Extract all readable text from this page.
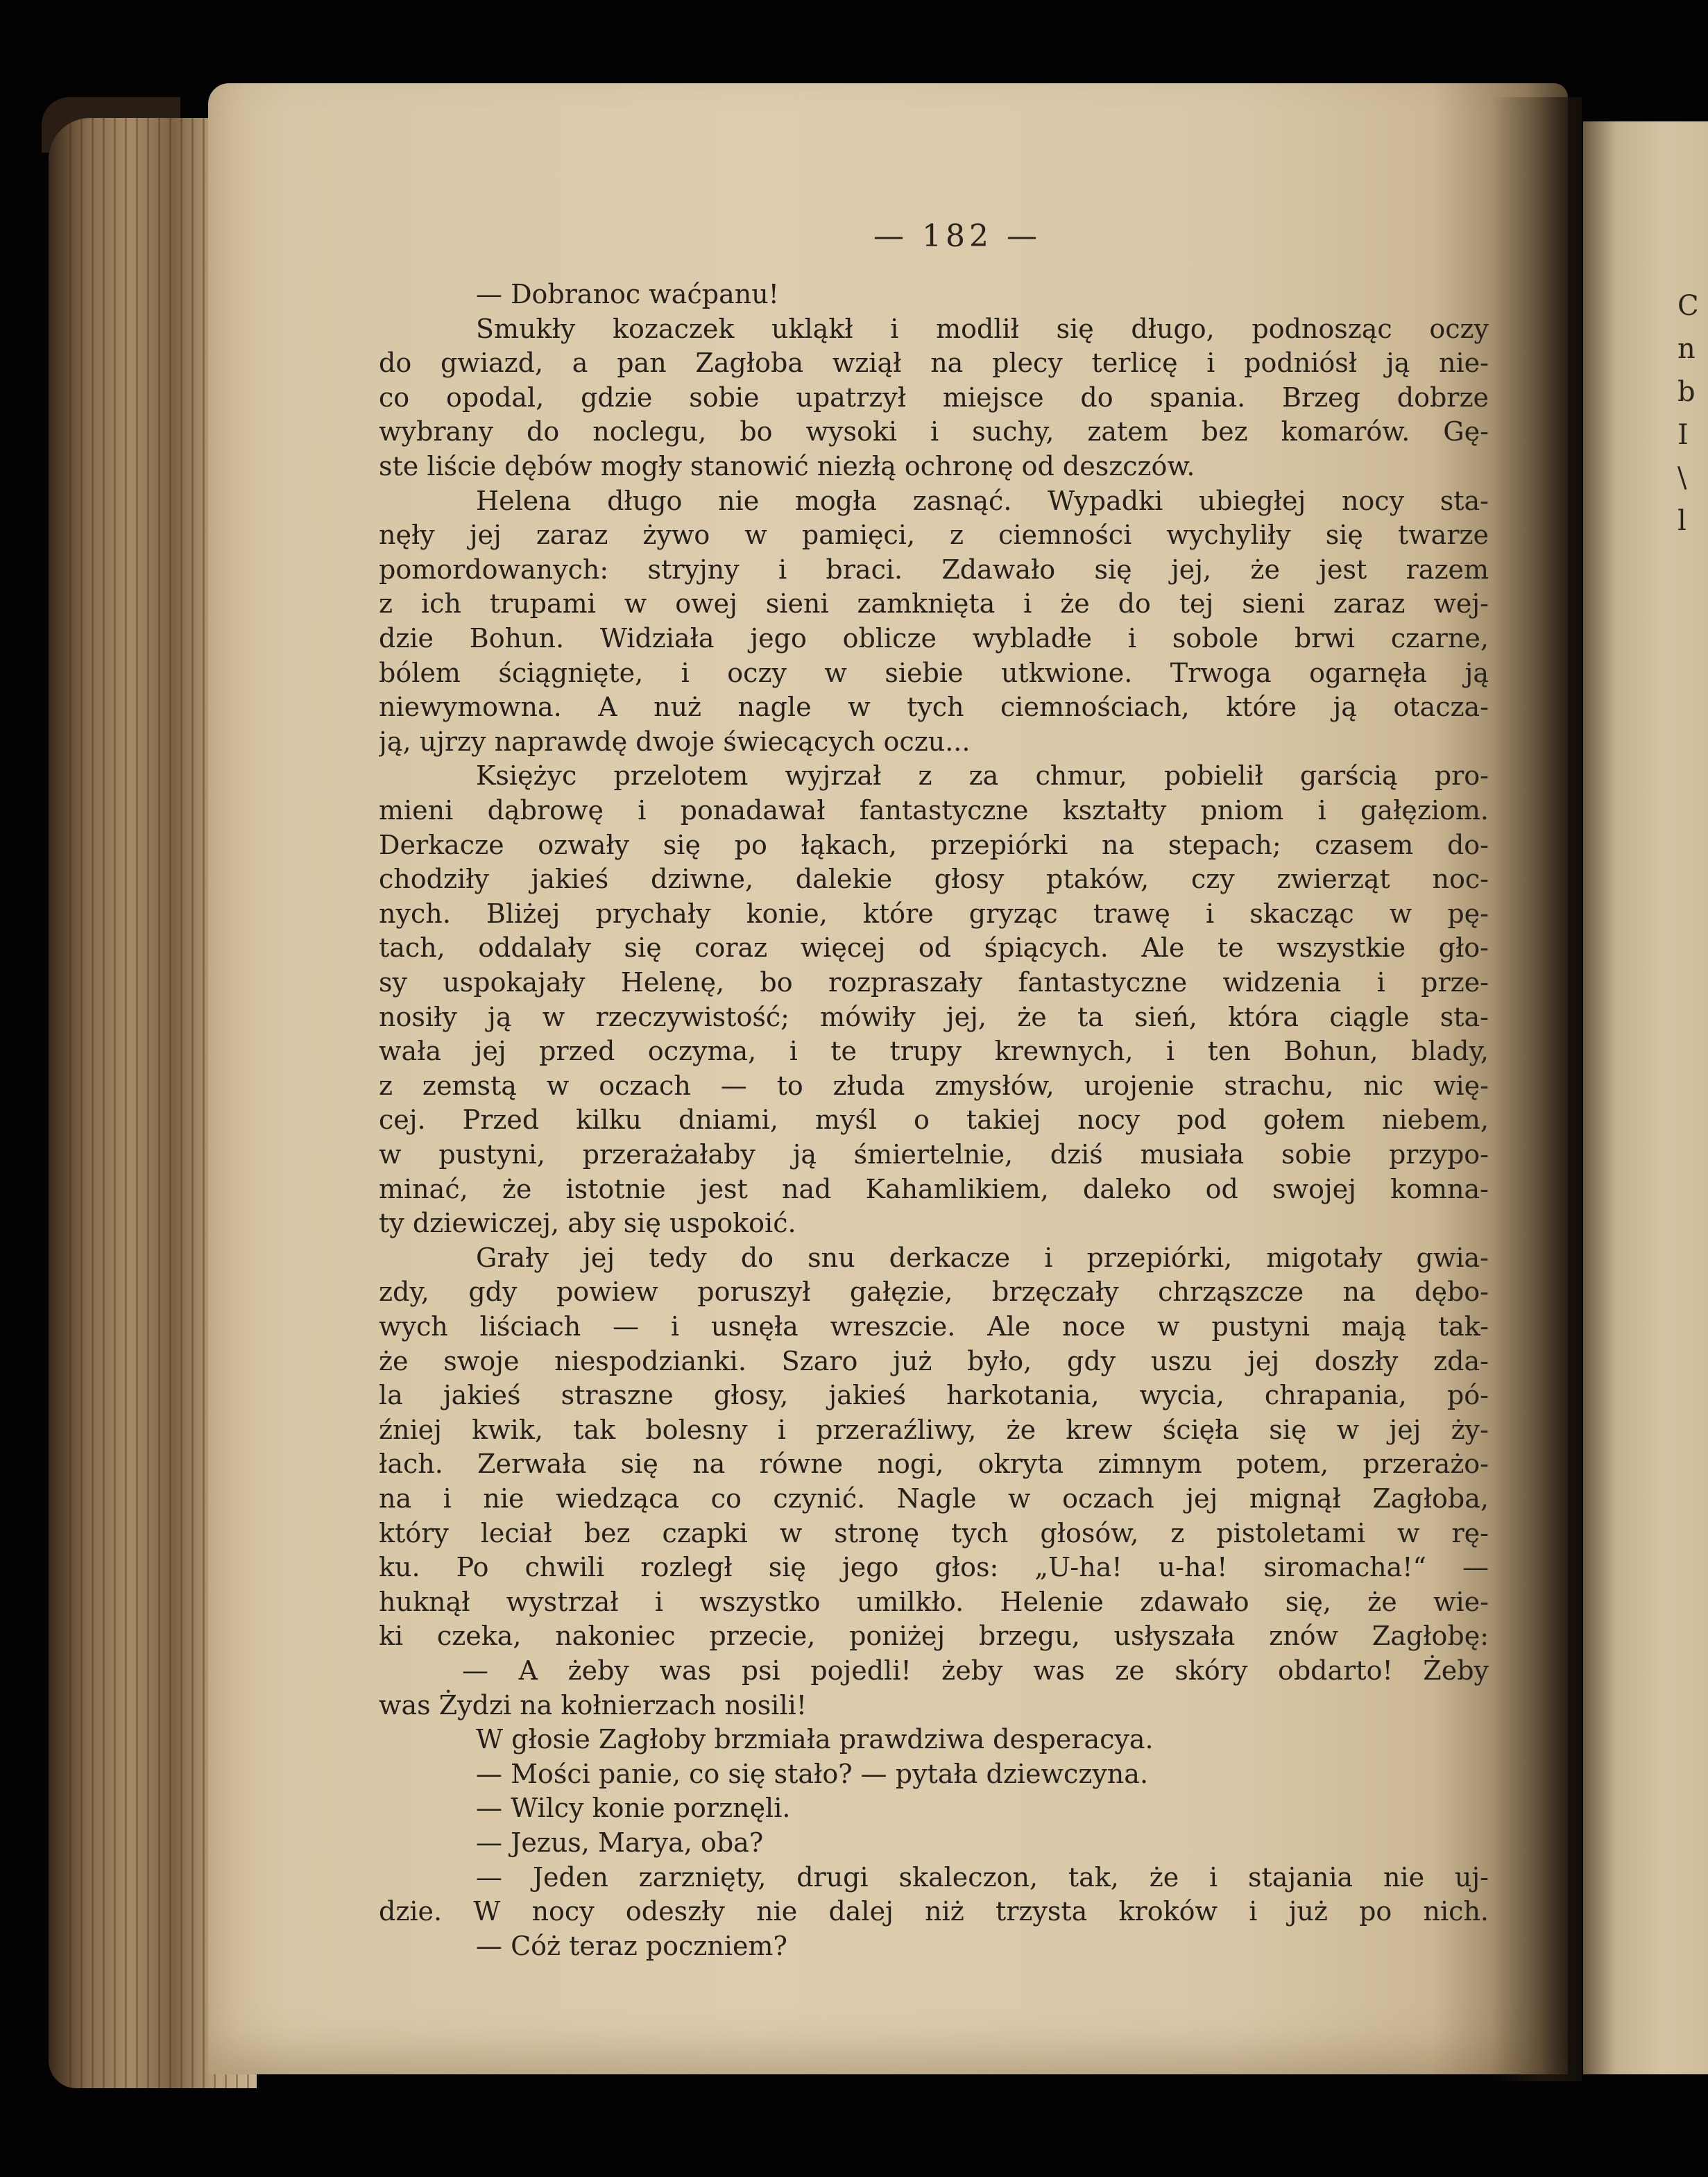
C
n
b
I
\
l
— 182 —
— Dobranoc waćpanu!
Smukły kozaczek ukląkł i modlił się długo, podnosząc oczy
do gwiazd, a pan Zagłoba wziął na plecy terlicę i podniósł ją nie-
co opodal, gdzie sobie upatrzył miejsce do spania. Brzeg dobrze
wybrany do noclegu, bo wysoki i suchy, zatem bez komarów. Gę-
ste liście dębów mogły stanowić niezłą ochronę od deszczów.
Helena długo nie mogła zasnąć. Wypadki ubiegłej nocy sta-
nęły jej zaraz żywo w pamięci, z ciemności wychyliły się twarze
pomordowanych: stryjny i braci. Zdawało się jej, że jest razem
z ich trupami w owej sieni zamknięta i że do tej sieni zaraz wej-
dzie Bohun. Widziała jego oblicze wybladłe i sobole brwi czarne,
bólem ściągnięte, i oczy w siebie utkwione. Trwoga ogarnęła ją
niewymowna. A nuż nagle w tych ciemnościach, które ją otacza-
ją, ujrzy naprawdę dwoje świecących oczu...
Księżyc przelotem wyjrzał z za chmur, pobielił garścią pro-
mieni dąbrowę i ponadawał fantastyczne kształty pniom i gałęziom.
Derkacze ozwały się po łąkach, przepiórki na stepach; czasem do-
chodziły jakieś dziwne, dalekie głosy ptaków, czy zwierząt noc-
nych. Bliżej prychały konie, które gryząc trawę i skacząc w pę-
tach, oddalały się coraz więcej od śpiących. Ale te wszystkie gło-
sy uspokajały Helenę, bo rozpraszały fantastyczne widzenia i prze-
nosiły ją w rzeczywistość; mówiły jej, że ta sień, która ciągle sta-
wała jej przed oczyma, i te trupy krewnych, i ten Bohun, blady,
z zemstą w oczach — to złuda zmysłów, urojenie strachu, nic wię-
cej. Przed kilku dniami, myśl o takiej nocy pod gołem niebem,
w pustyni, przerażałaby ją śmiertelnie, dziś musiała sobie przypo-
minać, że istotnie jest nad Kahamlikiem, daleko od swojej komna-
ty dziewiczej, aby się uspokoić.
Grały jej tedy do snu derkacze i przepiórki, migotały gwia-
zdy, gdy powiew poruszył gałęzie, brzęczały chrząszcze na dębo-
wych liściach — i usnęła wreszcie. Ale noce w pustyni mają tak-
że swoje niespodzianki. Szaro już było, gdy uszu jej doszły zda-
la jakieś straszne głosy, jakieś harkotania, wycia, chrapania, pó-
źniej kwik, tak bolesny i przeraźliwy, że krew ścięła się w jej ży-
łach. Zerwała się na równe nogi, okryta zimnym potem, przerażo-
na i nie wiedząca co czynić. Nagle w oczach jej mignął Zagłoba,
który leciał bez czapki w stronę tych głosów, z pistoletami w rę-
ku. Po chwili rozległ się jego głos: „U-ha! u-ha! siromacha!“ —
huknął wystrzał i wszystko umilkło. Helenie zdawało się, że wie-
ki czeka, nakoniec przecie, poniżej brzegu, usłyszała znów Zagłobę:
— A żeby was psi pojedli! żeby was ze skóry obdarto! Żeby
was Żydzi na kołnierzach nosili!
W głosie Zagłoby brzmiała prawdziwa desperacya.
— Mości panie, co się stało? — pytała dziewczyna.
— Wilcy konie porznęli.
— Jezus, Marya, oba?
— Jeden zarznięty, drugi skaleczon, tak, że i stajania nie uj-
dzie. W nocy odeszły nie dalej niż trzysta kroków i już po nich.
— Cóż teraz poczniem?
